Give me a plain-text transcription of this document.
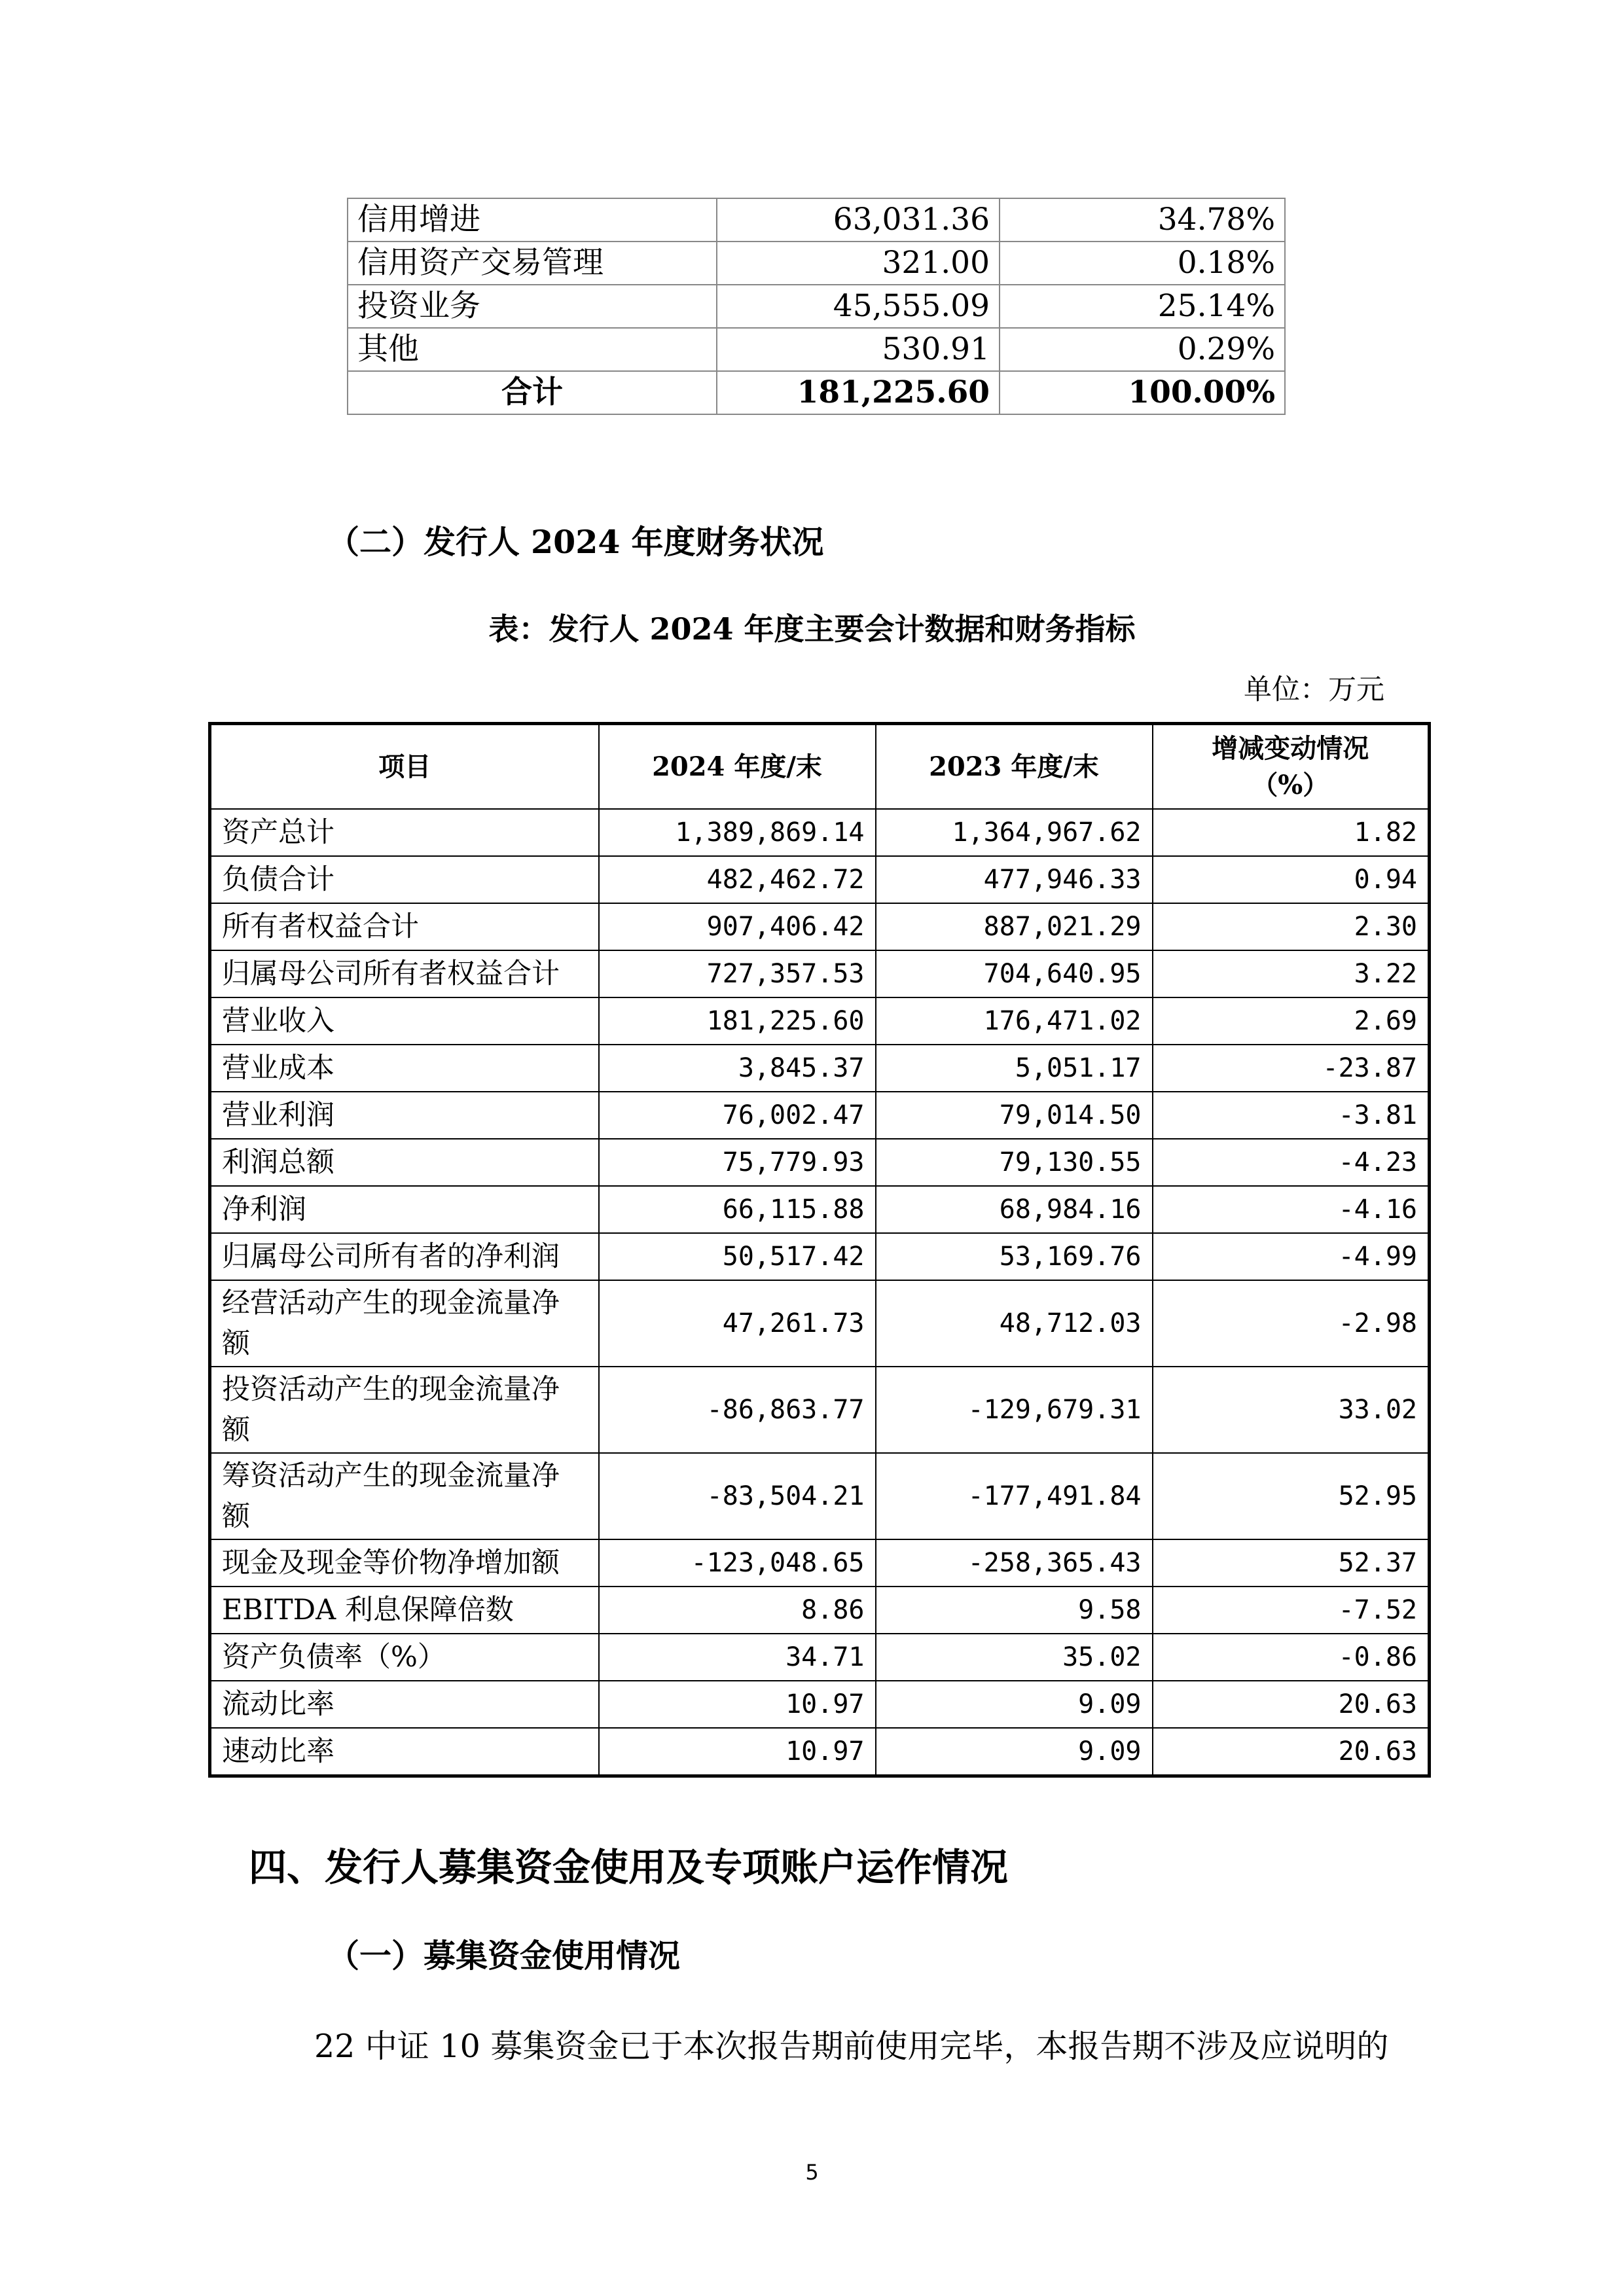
信用增进	63,031.36	34.78%
信用资产交易管理	321.00	0.18%
投资业务	45,555.09	25.14%
其他	530.91	0.29%
合计	181,225.60	100.00%
（二）发行人 2024 年度财务状况
表：发行人 2024 年度主要会计数据和财务指标
单位：万元
项目	2024 年度/末	2023 年度/末	增减变动情况
（%）

资产总计	1,389,869.14	1,364,967.62	1.82
负债合计	482,462.72	477,946.33	0.94
所有者权益合计	907,406.42	887,021.29	2.30
归属母公司所有者权益合计	727,357.53	704,640.95	3.22
营业收入	181,225.60	176,471.02	2.69
营业成本	3,845.37	5,051.17	-23.87
营业利润	76,002.47	79,014.50	-3.81
利润总额	75,779.93	79,130.55	-4.23
净利润	66,115.88	68,984.16	-4.16
归属母公司所有者的净利润	50,517.42	53,169.76	-4.99

经营活动产生的现金流量净
额	47,261.73	48,712.03	-2.98

投资活动产生的现金流量净
额	-86,863.77	-129,679.31	33.02

筹资活动产生的现金流量净
额	-83,504.21	-177,491.84	52.95
现金及现金等价物净增加额	-123,048.65	-258,365.43	52.37
EBITDA 利息保障倍数	8.86	9.58	-7.52
资产负债率（%）	34.71	35.02	-0.86
流动比率	10.97	9.09	20.63
速动比率	10.97	9.09	20.63
四、发行人募集资金使用及专项账户运作情况
（一）募集资金使用情况
22 中证 10 募集资金已于本次报告期前使用完毕，本报告期不涉及应说明的
5
